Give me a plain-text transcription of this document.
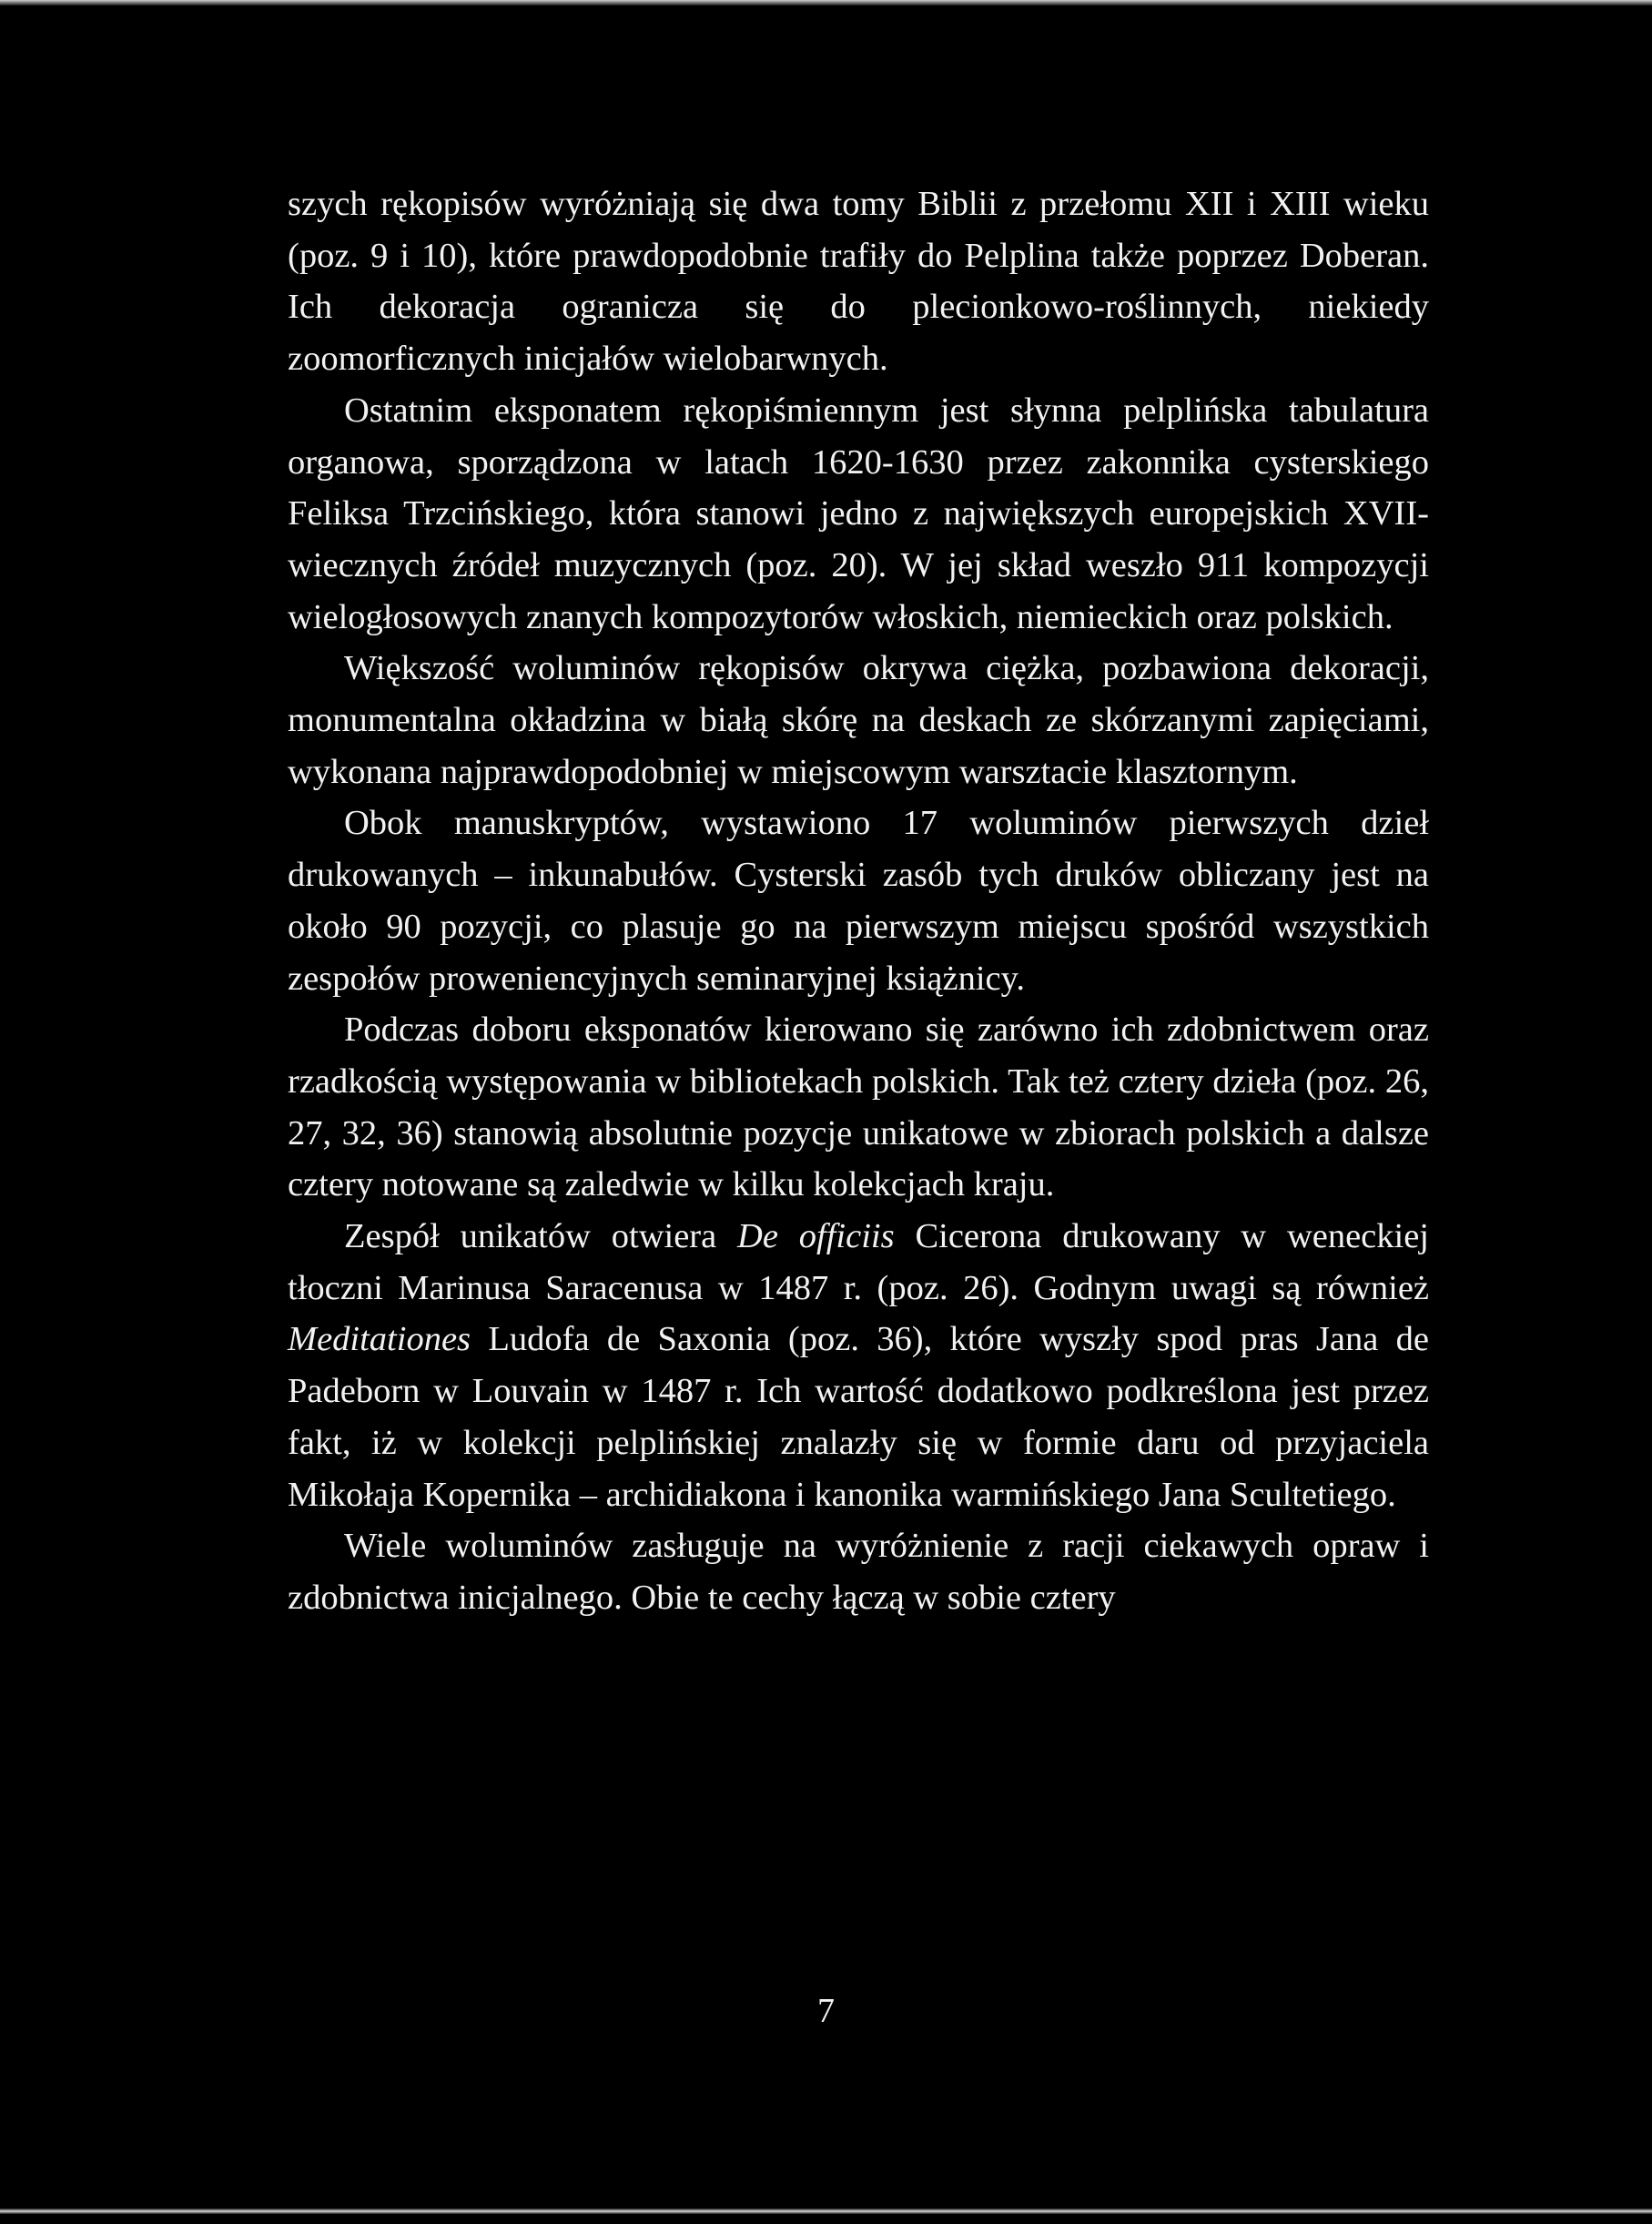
szych rękopisów wyróżniają się dwa tomy Biblii z przełomu XII i XIII wieku (poz. 9 i 10), które prawdopodobnie trafiły do Pelplina także poprzez Doberan. Ich dekoracja ogranicza się do plecionkowo-roślinnych, niekiedy zoomorficznych inicjałów wielobarwnych.

Ostatnim eksponatem rękopiśmiennym jest słynna pelplińska tabulatura organowa, sporządzona w latach 1620-1630 przez zakonnika cysterskiego Feliksa Trzcińskiego, która stanowi jedno z największych europejskich XVII- wiecznych źródeł muzycznych (poz. 20). W jej skład weszło 911 kompozycji wielogłosowych znanych kompozytorów włoskich, niemieckich oraz polskich.

Większość woluminów rękopisów okrywa ciężka, pozbawiona dekoracji, monumentalna okładzina w białą skórę na deskach ze skórzanymi zapięciami, wykonana najprawdopodobniej w miejscowym warsztacie klasztornym.

Obok manuskryptów, wystawiono 17 woluminów pierwszych dzieł drukowanych – inkunabułów. Cysterski zasób tych druków obliczany jest na około 90 pozycji, co plasuje go na pierwszym miejscu spośród wszystkich zespołów proweniencyjnych seminaryjnej książnicy.

Podczas doboru eksponatów kierowano się zarówno ich zdobnictwem oraz rzadkością występowania w bibliotekach polskich. Tak też cztery dzieła (poz. 26, 27, 32, 36) stanowią absolutnie pozycje unikatowe w zbiorach polskich a dalsze cztery notowane są zaledwie w kilku kolekcjach kraju.

Zespół unikatów otwiera De officiis Cicerona drukowany w weneckiej tłoczni Marinusa Saracenusa w 1487 r. (poz. 26). Godnym uwagi są również Meditationes Ludofa de Saxonia (poz. 36), które wyszły spod pras Jana de Padeborn w Louvain w 1487 r. Ich wartość dodatkowo podkreślona jest przez fakt, iż w kolekcji pelplińskiej znalazły się w formie daru od przyjaciela Mikołaja Kopernika – archidiakona i kanonika warmińskiego Jana Scultetiego.

Wiele woluminów zasługuje na wyróżnienie z racji ciekawych opraw i zdobnictwa inicjalnego. Obie te cechy łączą w sobie cztery

7
